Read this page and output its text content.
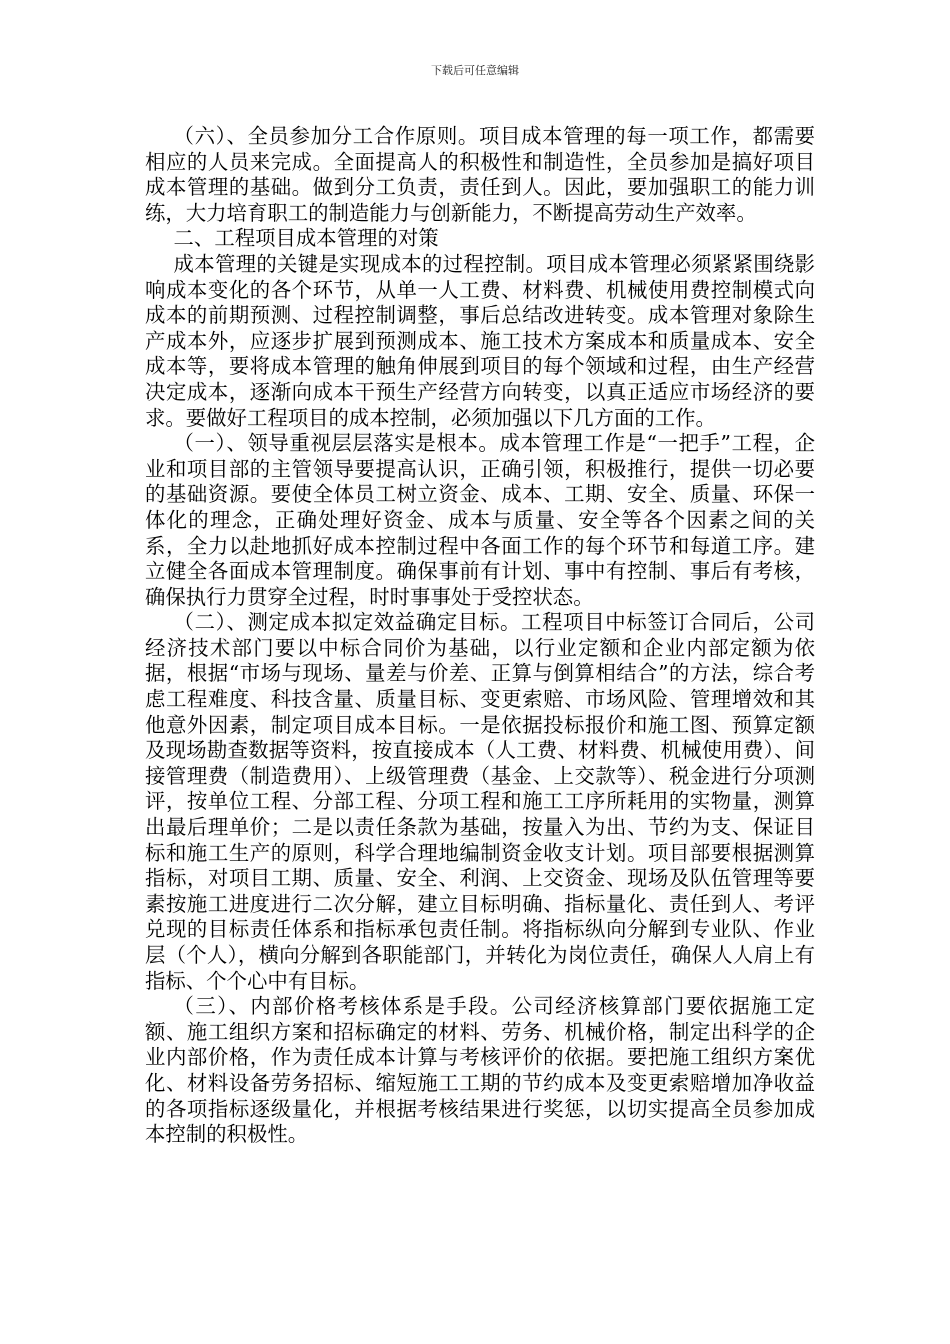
下载后可任意编辑

（六）、全员参加分工合作原则。项目成本管理的每一项工作，都需要相应的人员来完成。全面提高人的积极性和制造性，全员参加是搞好项目成本管理的基础。做到分工负责，责任到人。因此，要加强职工的能力训练，大力培育职工的制造能力与创新能力，不断提高劳动生产效率。

二、工程项目成本管理的对策

成本管理的关键是实现成本的过程控制。项目成本管理必须紧紧围绕影响成本变化的各个环节，从单一人工费、材料费、机械使用费控制模式向成本的前期预测、过程控制调整，事后总结改进转变。成本管理对象除生产成本外，应逐步扩展到预测成本、施工技术方案成本和质量成本、安全成本等，要将成本管理的触角伸展到项目的每个领域和过程，由生产经营决定成本，逐渐向成本干预生产经营方向转变，以真正适应市场经济的要求。要做好工程项目的成本控制，必须加强以下几方面的工作。

（一）、领导重视层层落实是根本。成本管理工作是“一把手”工程，企业和项目部的主管领导要提高认识，正确引领，积极推行，提供一切必要的基础资源。要使全体员工树立资金、成本、工期、安全、质量、环保一体化的理念，正确处理好资金、成本与质量、安全等各个因素之间的关系，全力以赴地抓好成本控制过程中各面工作的每个环节和每道工序。建立健全各面成本管理制度。确保事前有计划、事中有控制、事后有考核，确保执行力贯穿全过程，时时事事处于受控状态。

（二）、测定成本拟定效益确定目标。工程项目中标签订合同后，公司经济技术部门要以中标合同价为基础，以行业定额和企业内部定额为依据，根据“市场与现场、量差与价差、正算与倒算相结合”的方法，综合考虑工程难度、科技含量、质量目标、变更索赔、市场风险、管理增效和其他意外因素，制定项目成本目标。一是依据投标报价和施工图、预算定额及现场勘查数据等资料，按直接成本（人工费、材料费、机械使用费）、间接管理费（制造费用）、上级管理费（基金、上交款等）、税金进行分项测评，按单位工程、分部工程、分项工程和施工工序所耗用的实物量，测算出最后理单价；二是以责任条款为基础，按量入为出、节约为支、保证目标和施工生产的原则，科学合理地编制资金收支计划。项目部要根据测算指标，对项目工期、质量、安全、利润、上交资金、现场及队伍管理等要素按施工进度进行二次分解，建立目标明确、指标量化、责任到人、考评兑现的目标责任体系和指标承包责任制。将指标纵向分解到专业队、作业层（个人），横向分解到各职能部门，并转化为岗位责任，确保人人肩上有指标、个个心中有目标。

（三）、内部价格考核体系是手段。公司经济核算部门要依据施工定额、施工组织方案和招标确定的材料、劳务、机械价格，制定出科学的企业内部价格，作为责任成本计算与考核评价的依据。要把施工组织方案优化、材料设备劳务招标、缩短施工工期的节约成本及变更索赔增加净收益的各项指标逐级量化，并根据考核结果进行奖惩，以切实提高全员参加成本控制的积极性。
